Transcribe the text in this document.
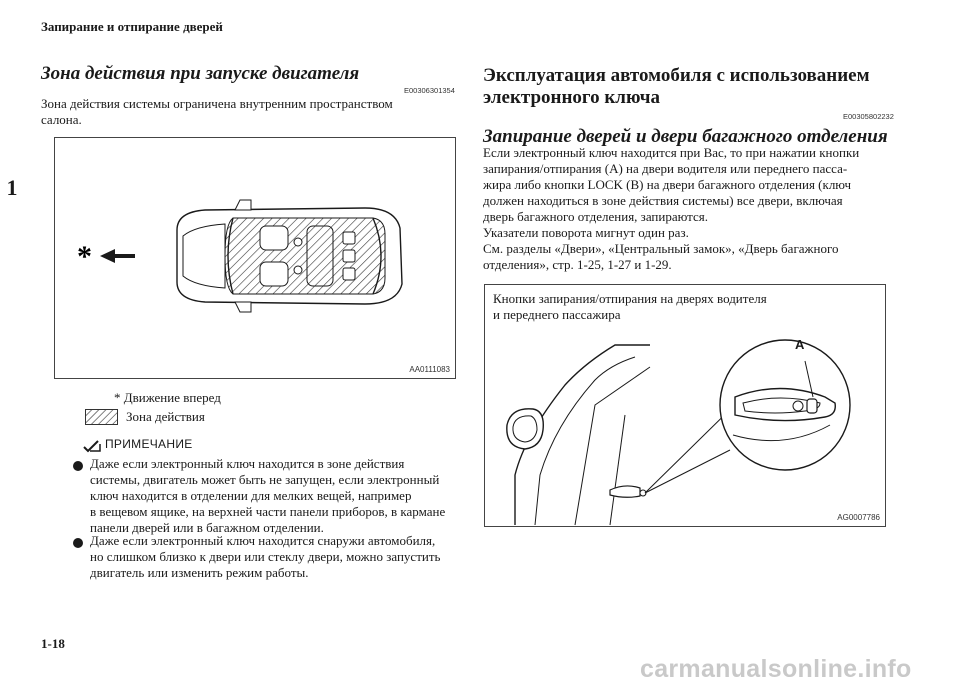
Запирание и отпирание дверей
1
1-18
carmanualsonline.info
Зона действия при запуске двигателя
E00306301354
Зона действия системы ограничена внутренним пространством
салона.
*
AA0111083
* Движение вперед
Зона действия
ПРИМЕЧАНИЕ
Даже если электронный ключ находится в зоне действия
системы, двигатель может быть не запущен, если электронный
ключ находится в отделении для мелких вещей, например
в вещевом ящике, на верхней части панели приборов, в кармане
панели дверей или в багажном отделении.
Даже если электронный ключ находится снаружи автомобиля,
но слишком близко к двери или стеклу двери, можно запустить
двигатель или изменить режим работы.
Эксплуатация автомобиля с использованием
электронного ключа
E00305802232
Запирание дверей и двери багажного отделения
Если электронный ключ находится при Вас, то при нажатии кнопки
запирания/отпирания (A) на двери водителя или переднего пасса-
жира либо кнопки LOCK (B) на двери багажного отделения (ключ
должен находиться в зоне действия системы) все двери, включая
дверь багажного отделения, запираются.
Указатели поворота мигнут один раз.
См. разделы «Двери», «Центральный замок», «Дверь багажного
отделения», стр. 1-25, 1-27 и 1-29.
Кнопки запирания/отпирания на дверях водителя
и переднего пассажира
A
AG0007786
